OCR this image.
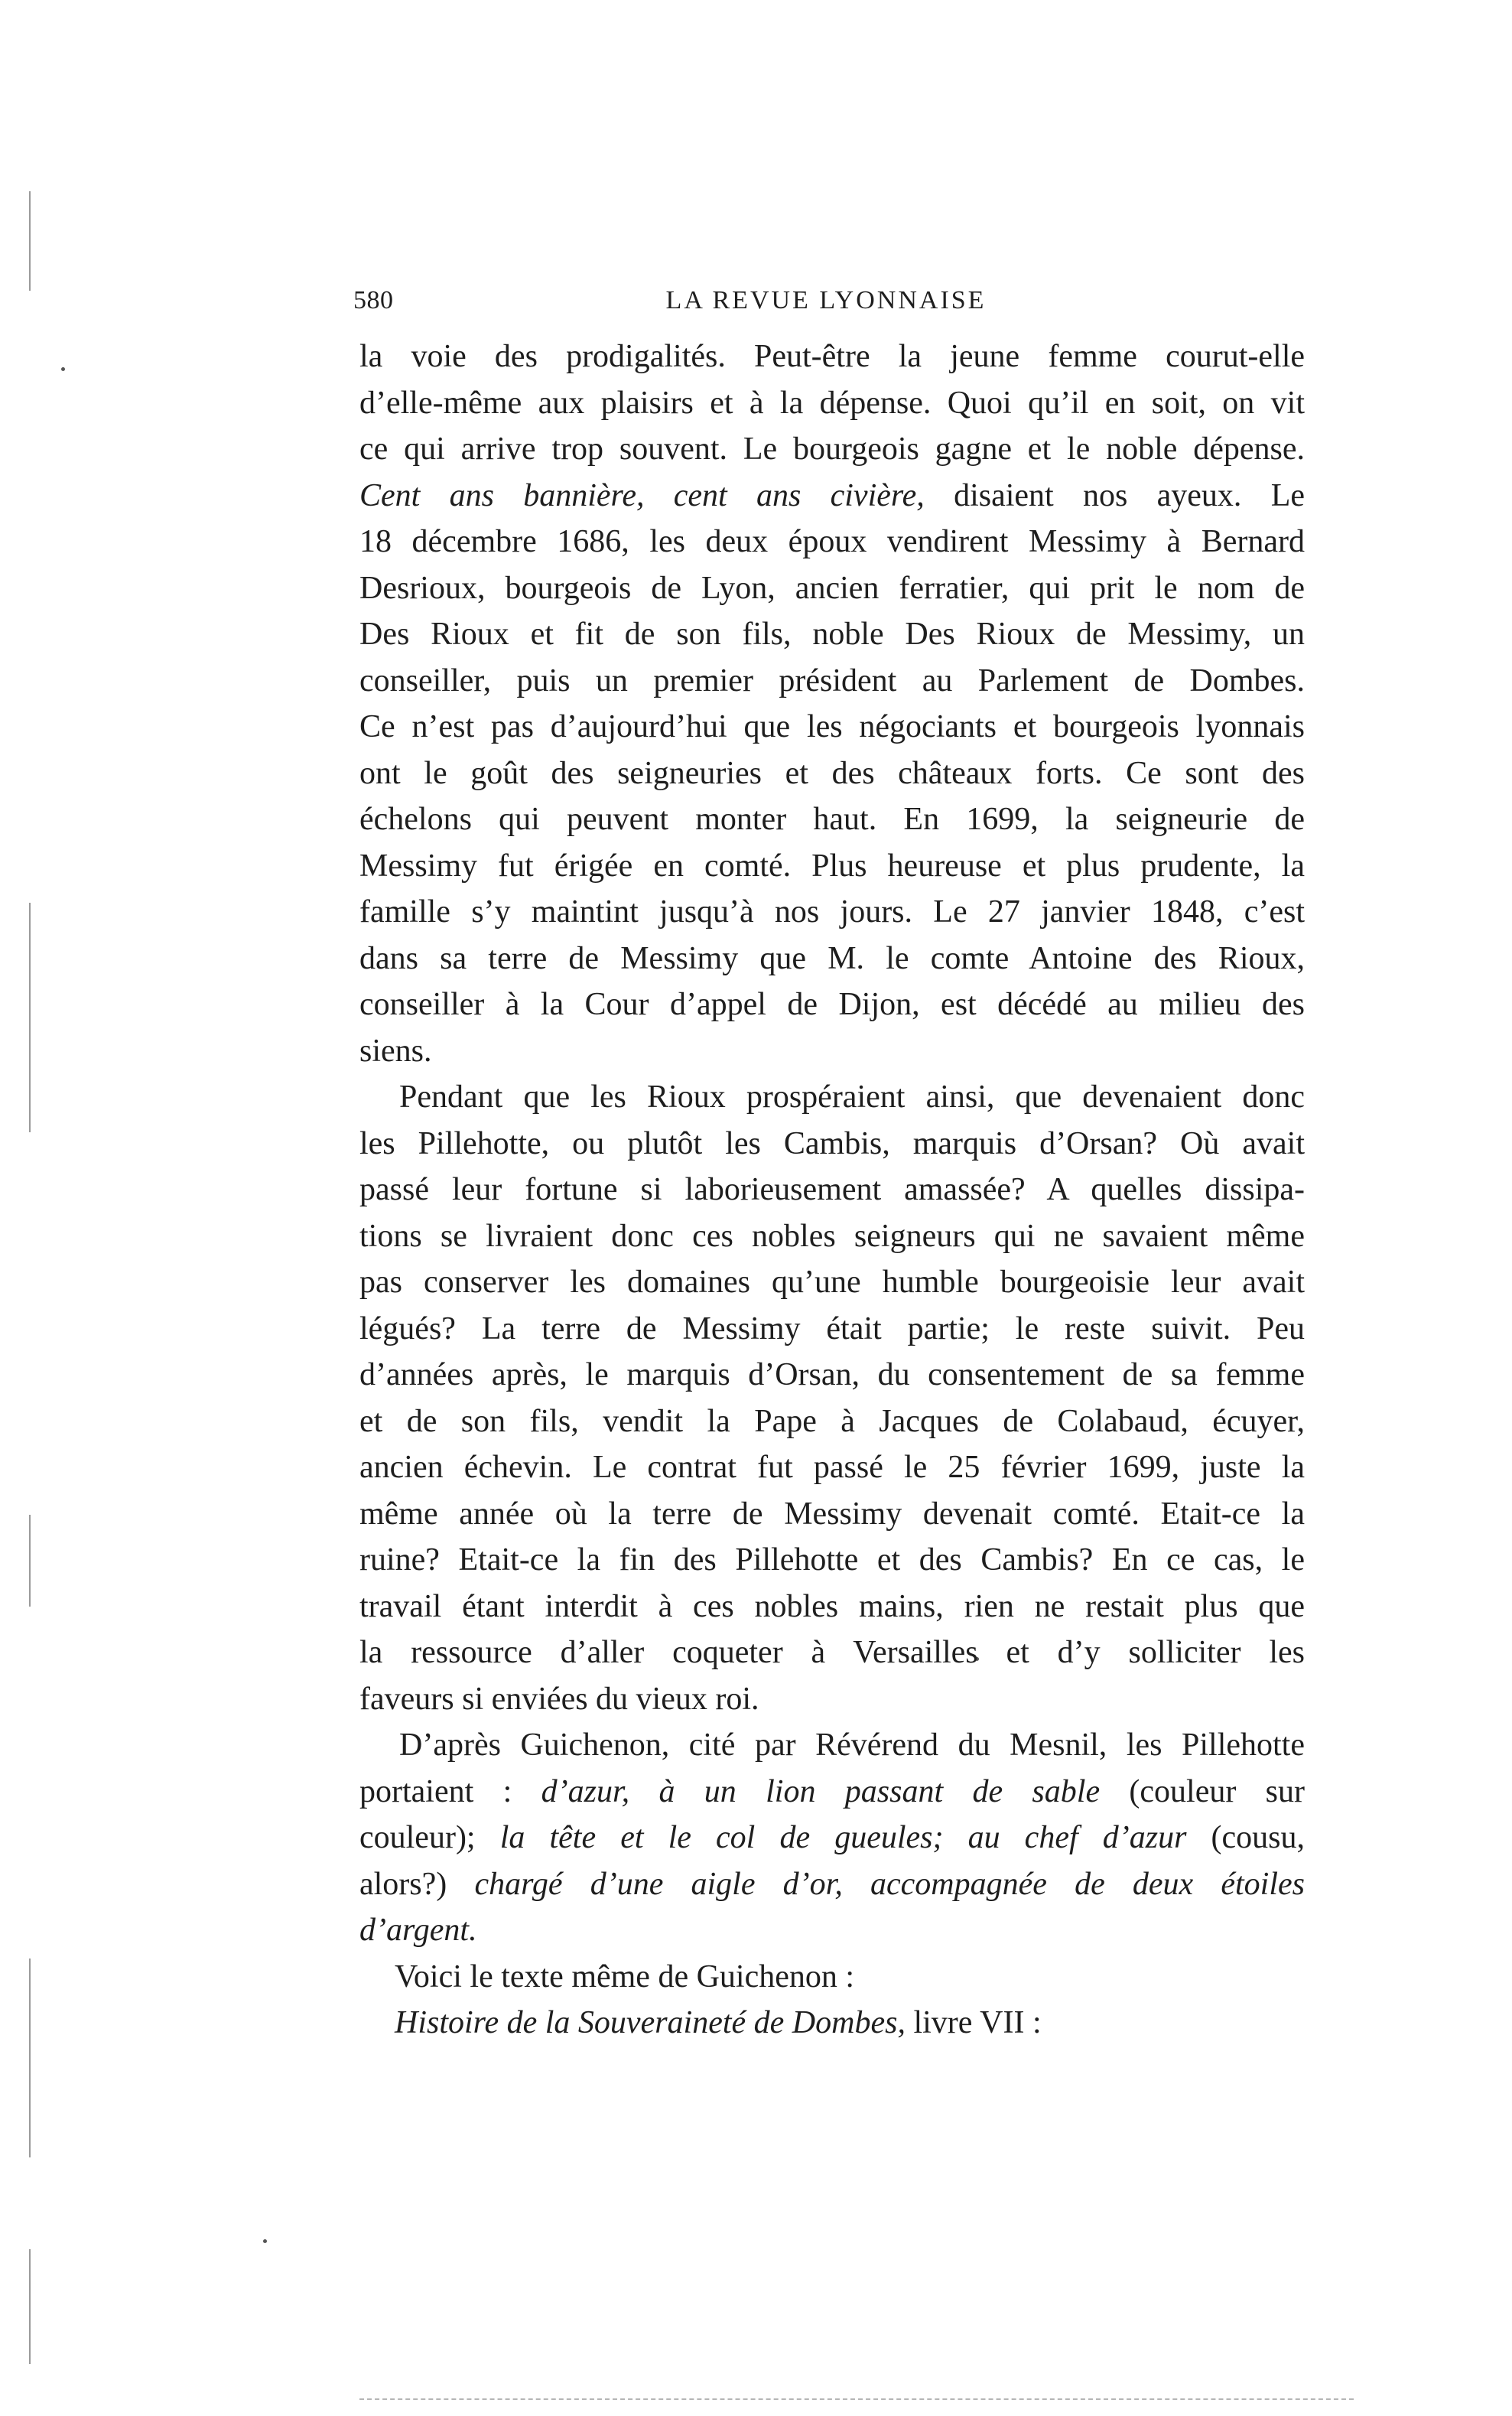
580	LA REVUE LYONNAISE
la voie des prodigalités. Peut-être la jeune femme courut-elle
d’elle-même aux plaisirs et à la dépense. Quoi qu’il en soit, on vit
ce qui arrive trop souvent. Le bourgeois gagne et le noble dépense.
Cent ans bannière, cent ans civière, disaient nos ayeux. Le
18 décembre 1686, les deux époux vendirent Messimy à Bernard
Desrioux, bourgeois de Lyon, ancien ferratier, qui prit le nom de
Des Rioux et fit de son fils, noble Des Rioux de Messimy, un
conseiller, puis un premier président au Parlement de Dombes.
Ce n’est pas d’aujourd’hui que les négociants et bourgeois lyonnais
ont le goût des seigneuries et des châteaux forts. Ce sont des
échelons qui peuvent monter haut. En 1699, la seigneurie de
Messimy fut érigée en comté. Plus heureuse et plus prudente, la
famille s’y maintint jusqu’à nos jours. Le 27 janvier 1848, c’est
dans sa terre de Messimy que M. le comte Antoine des Rioux,
conseiller à la Cour d’appel de Dijon, est décédé au milieu des
siens.
Pendant que les Rioux prospéraient ainsi, que devenaient donc
les Pillehotte, ou plutôt les Cambis, marquis d’Orsan? Où avait
passé leur fortune si laborieusement amassée? A quelles dissipa-
tions se livraient donc ces nobles seigneurs qui ne savaient même
pas conserver les domaines qu’une humble bourgeoisie leur avait
légués? La terre de Messimy était partie; le reste suivit. Peu
d’années après, le marquis d’Orsan, du consentement de sa femme
et de son fils, vendit la Pape à Jacques de Colabaud, écuyer,
ancien échevin. Le contrat fut passé le 25 février 1699, juste la
même année où la terre de Messimy devenait comté. Etait-ce la
ruine? Etait-ce la fin des Pillehotte et des Cambis? En ce cas, le
travail étant interdit à ces nobles mains, rien ne restait plus que
la ressource d’aller coqueter à Versailles et d’y solliciter les
faveurs si enviées du vieux roi.
D’après Guichenon, cité par Révérend du Mesnil, les Pillehotte
portaient : d’azur, à un lion passant de sable (couleur sur
couleur); la tête et le col de gueules; au chef d’azur (cousu,
alors?) chargé d’une aigle d’or, accompagnée de deux étoiles
d’argent.
Voici le texte même de Guichenon :
Histoire de la Souveraineté de Dombes, livre VII :
